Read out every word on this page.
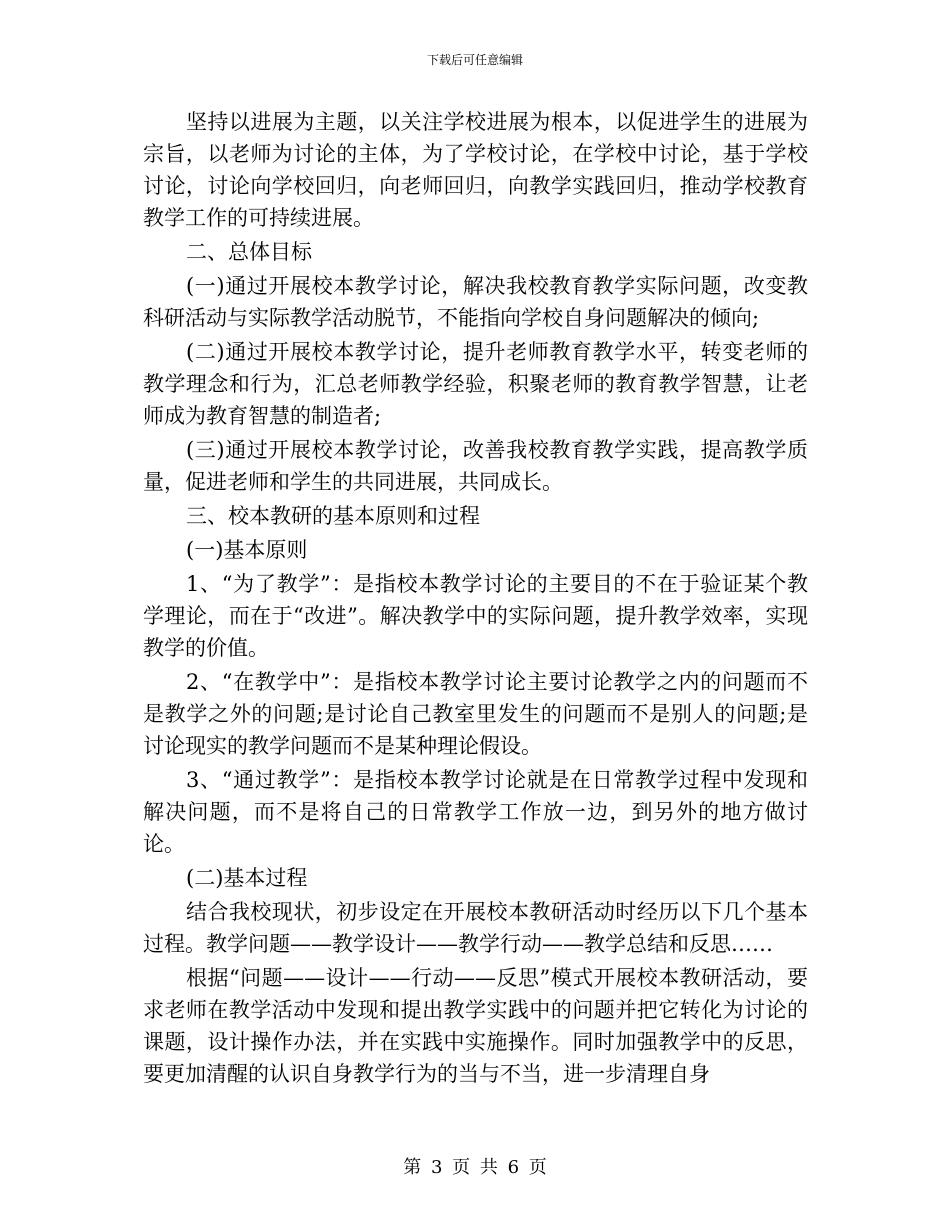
下载后可任意编辑

坚持以进展为主题，以关注学校进展为根本，以促进学生的进展为宗旨，以老师为讨论的主体，为了学校讨论，在学校中讨论，基于学校讨论，讨论向学校回归，向老师回归，向教学实践回归，推动学校教育教学工作的可持续进展。

二、总体目标

(一)通过开展校本教学讨论，解决我校教育教学实际问题，改变教科研活动与实际教学活动脱节，不能指向学校自身问题解决的倾向;

(二)通过开展校本教学讨论，提升老师教育教学水平，转变老师的教学理念和行为，汇总老师教学经验，积聚老师的教育教学智慧，让老师成为教育智慧的制造者;

(三)通过开展校本教学讨论，改善我校教育教学实践，提高教学质量，促进老师和学生的共同进展，共同成长。

三、校本教研的基本原则和过程

(一)基本原则

1、“为了教学”：是指校本教学讨论的主要目的不在于验证某个教学理论，而在于“改进”。解决教学中的实际问题，提升教学效率，实现教学的价值。

2、“在教学中”：是指校本教学讨论主要讨论教学之内的问题而不是教学之外的问题;是讨论自己教室里发生的问题而不是别人的问题;是讨论现实的教学问题而不是某种理论假设。

3、“通过教学”：是指校本教学讨论就是在日常教学过程中发现和解决问题，而不是将自己的日常教学工作放一边，到另外的地方做讨论。

(二)基本过程

结合我校现状，初步设定在开展校本教研活动时经历以下几个基本过程。教学问题——教学设计——教学行动——教学总结和反思……

根据“问题——设计——行动——反思”模式开展校本教研活动，要求老师在教学活动中发现和提出教学实践中的问题并把它转化为讨论的课题，设计操作办法，并在实践中实施操作。同时加强教学中的反思，要更加清醒的认识自身教学行为的当与不当，进一步清理自身

第 3 页 共 6 页
